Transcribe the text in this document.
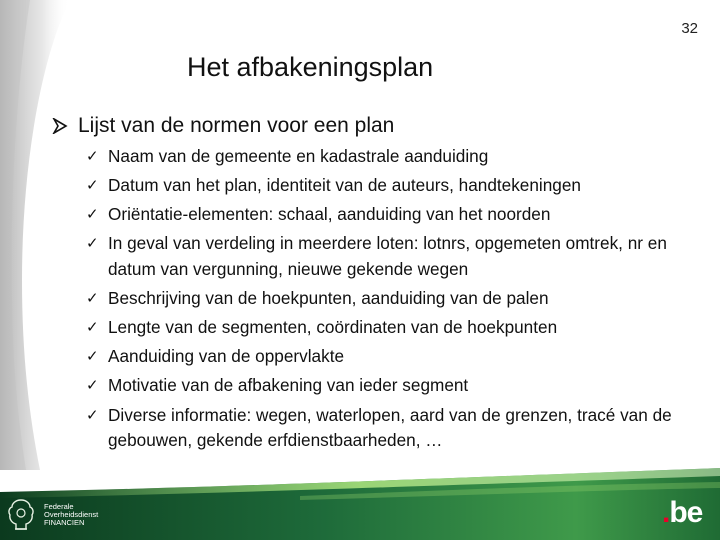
32
Het afbakeningsplan
Lijst van de normen voor een plan
✓ Naam van de gemeente en kadastrale aanduiding
✓ Datum van het plan, identiteit van de auteurs, handtekeningen
✓ Oriëntatie-elementen: schaal, aanduiding van het noorden
✓ In geval van verdeling in meerdere loten: lotnrs, opgemeten omtrek, nr en datum van vergunning, nieuwe gekende wegen
✓ Beschrijving van de hoekpunten, aanduiding van de palen
✓ Lengte van de segmenten, coördinaten van de hoekpunten
✓ Aanduiding van de oppervlakte
✓ Motivatie van de afbakening van ieder segment
✓ Diverse informatie: wegen, waterlopen, aard van de grenzen, tracé van de gebouwen, gekende erfdienstbaarheden, …
Federale
Overheidsdienst
FINANCIEN	.be
